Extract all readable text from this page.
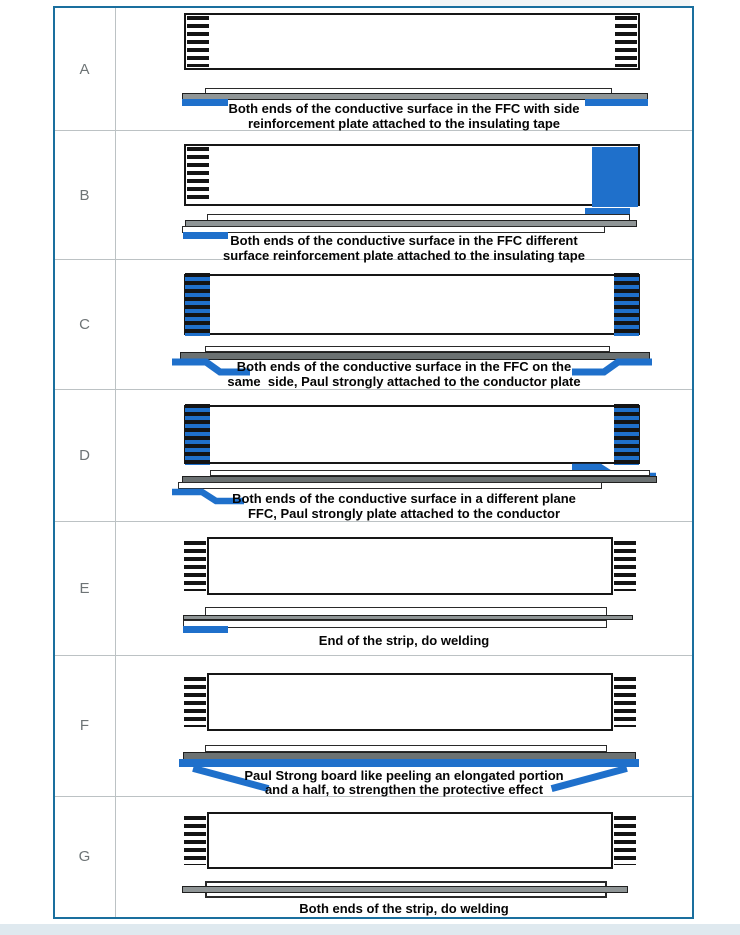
A
Both ends of the conductive surface in the FFC with side
reinforcement plate attached to the insulating tape
B
Both ends of the conductive surface in the FFC different
surface reinforcement plate attached to the insulating tape
C
Both ends of the conductive surface in the FFC on the
same  side, Paul strongly attached to the conductor plate
D
Both ends of the conductive surface in a different plane
FFC, Paul strongly plate attached to the conductor
E
End of the strip, do welding

F
Paul Strong board like peeling an elongated portion
and a half, to strengthen the protective effect
G
Both ends of the strip, do welding
